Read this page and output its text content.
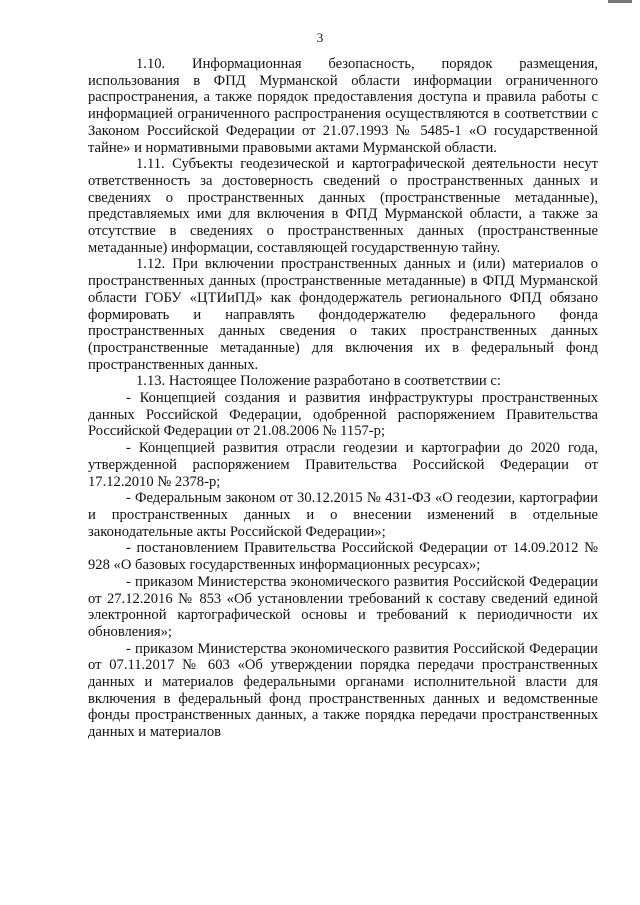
3

1.10. Информационная безопасность, порядок размещения, использования в ФПД Мурманской области информации ограниченного распространения, а также порядок предоставления доступа и правила работы с информацией ограниченного распространения осуществляются в соответствии с Законом Российской Федерации от 21.07.1993 № 5485-1 «О государственной тайне» и нормативными правовыми актами Мурманской области.

1.11. Субъекты геодезической и картографической деятельности несут ответственность за достоверность сведений о пространственных данных и сведениях о пространственных данных (пространственные метаданные), представляемых ими для включения в ФПД Мурманской области, а также за отсутствие в сведениях о пространственных данных (пространственные метаданные) информации, составляющей государственную тайну.

1.12. При включении пространственных данных и (или) материалов о пространственных данных (пространственные метаданные) в ФПД Мурманской области ГОБУ «ЦТИиПД» как фондодержатель регионального ФПД обязано формировать и направлять фондодержателю федерального фонда пространственных данных сведения о таких пространственных данных (пространственные метаданные) для включения их в федеральный фонд пространственных данных.

1.13. Настоящее Положение разработано в соответствии с:

- Концепцией создания и развития инфраструктуры пространственных данных Российской Федерации, одобренной распоряжением Правительства Российской Федерации от 21.08.2006 № 1157-р;

- Концепцией развития отрасли геодезии и картографии до 2020 года, утвержденной распоряжением Правительства Российской Федерации от 17.12.2010 № 2378-р;

- Федеральным законом от 30.12.2015 № 431-ФЗ «О геодезии, картографии и пространственных данных и о внесении изменений в отдельные законодательные акты Российской Федерации»;

- постановлением Правительства Российской Федерации от 14.09.2012 № 928 «О базовых государственных информационных ресурсах»;

- приказом Министерства экономического развития Российской Федерации от 27.12.2016 № 853 «Об установлении требований к составу сведений единой электронной картографической основы и требований к периодичности их обновления»;

- приказом Министерства экономического развития Российской Федерации от 07.11.2017 № 603 «Об утверждении порядка передачи пространственных данных и материалов федеральными органами исполнительной власти для включения в федеральный фонд пространственных данных и ведомственные фонды пространственных данных, а также порядка передачи пространственных данных и материалов
